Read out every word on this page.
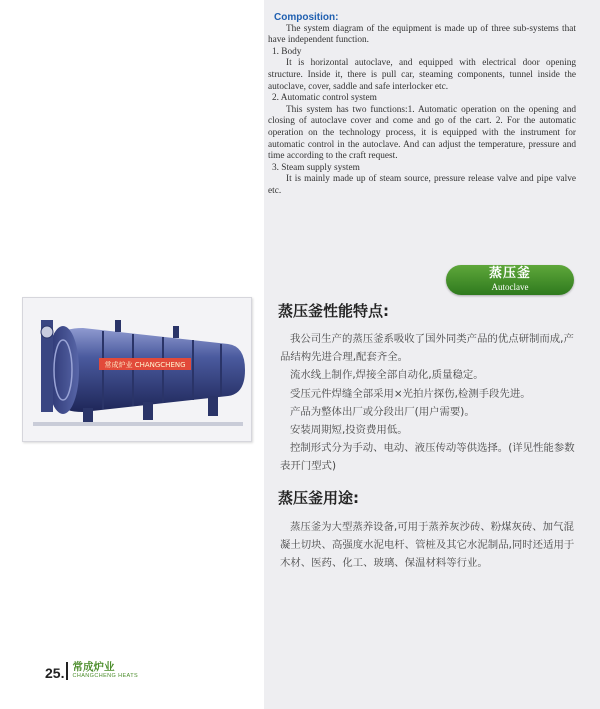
Composition:

The system diagram of the equipment is made up of three sub-systems that have independent function.

1. Body

It is horizontal autoclave, and equipped with electrical door opening structure. Inside it, there is pull car, steaming components, tunnel inside the autoclave, cover, saddle and safe interlocker etc.

2. Automatic control system

This system has two functions:1. Automatic operation on the opening and closing of autoclave cover and come and go of the cart. 2. For the automatic operation on the technology process, it is equipped with the instrument for automatic control in the autoclave. And can adjust the temperature, pressure and time according to the craft request.

3. Steam supply system

It is mainly made up of steam source, pressure release valve and pipe valve etc.

蒸压釜
Autoclave
常成炉业 CHANGCHENG
蒸压釜性能特点:

我公司生产的蒸压釜系吸收了国外同类产品的优点研制而成,产品结构先进合理,配套齐全。

流水线上制作,焊接全部自动化,质量稳定。

受压元件焊缝全部采用×光拍片探伤,检测手段先进。

产品为整体出厂或分段出厂(用户需要)。

安装周期短,投资费用低。

控制形式分为手动、电动、液压传动等供选择。(详见性能参数表开门型式)

蒸压釜用途:

蒸压釜为大型蒸养设备,可用于蒸养灰沙砖、粉煤灰砖、加气混凝土切块、高强度水泥电杆、管桩及其它水泥制品,同时还适用于木材、医药、化工、玻璃、保温材料等行业。

25. 常成炉业
CHANGCHENG HEATS
